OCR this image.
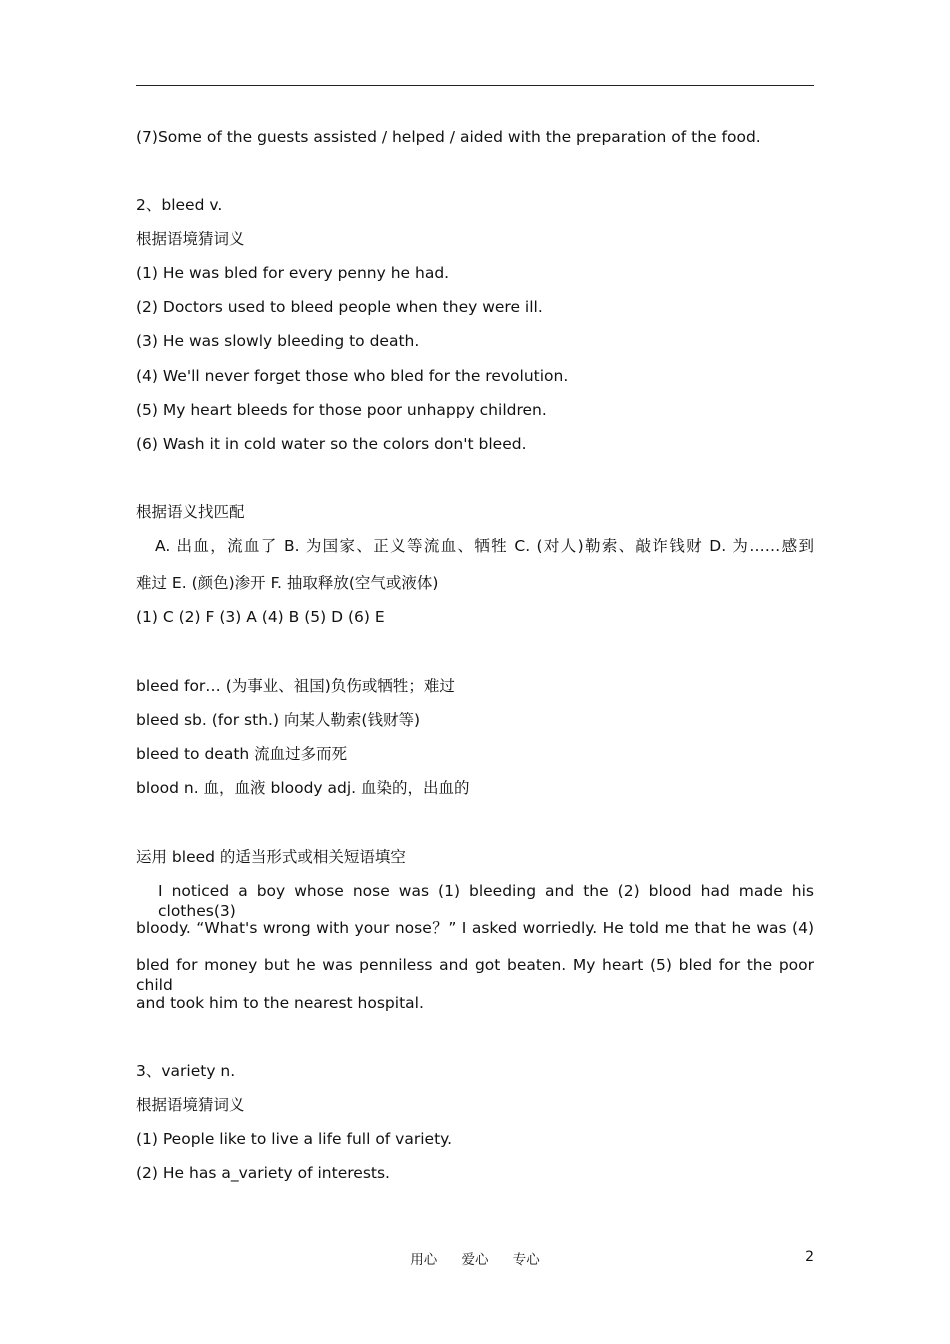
(7)Some of the guests assisted / helped / aided with the preparation of the food.
2、bleed v.
根据语境猜词义
(1) He was bled for every penny he had.
(2) Doctors used to bleed people when they were ill.
(3) He was slowly bleeding to death.
(4) We'll never forget those who bled for the revolution.
(5) My heart bleeds for those poor unhappy children.
(6) Wash it in cold water so the colors don't bleed.
根据语义找匹配
A. 出血，流血了 B. 为国家、正义等流血、牺牲 C. (对人)勒索、敲诈钱财 D. 为……感到
难过 E. (颜色)渗开 F. 抽取释放(空气或液体)
(1) C (2) F (3) A (4) B (5) D (6) E
bleed for… (为事业、祖国)负伤或牺牲；难过
bleed sb. (for sth.) 向某人勒索(钱财等)
bleed to death 流血过多而死
blood n. 血，血液 bloody adj. 血染的，出血的
运用 bleed 的适当形式或相关短语填空
I noticed a boy whose nose was (1) bleeding and the (2) blood had made his clothes(3)
bloody. “What's wrong with your nose？” I asked worriedly. He told me that he was (4)
bled for money but he was penniless and got beaten. My heart (5) bled for the poor child
and took him to the nearest hospital.
3、variety n.
根据语境猜词义
(1) People like to live a life full of variety.
(2) He has a_variety of interests.
用心 爱心 专心	2
